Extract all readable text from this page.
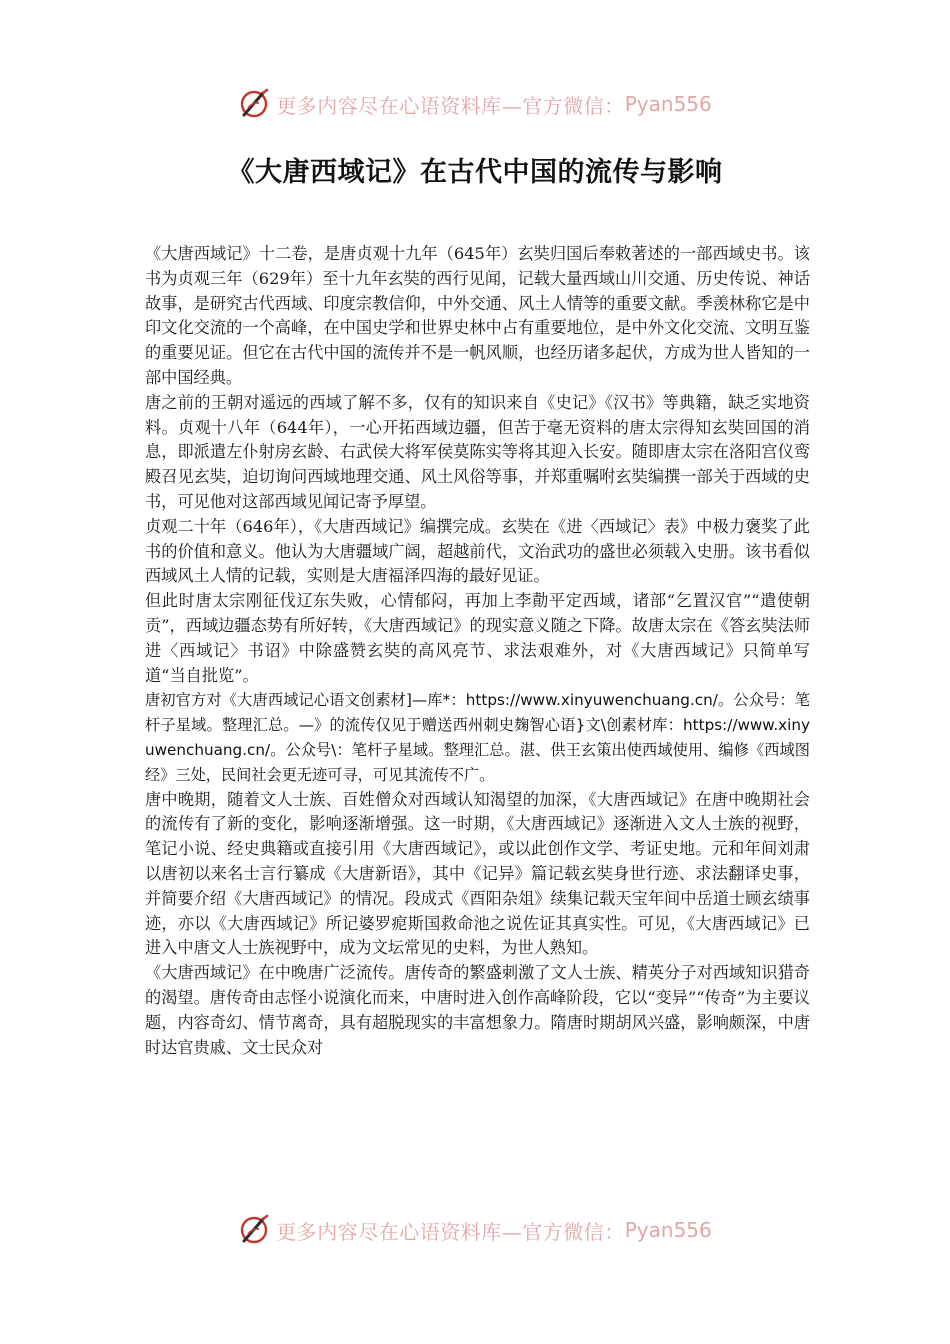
更多内容尽在心语资料库—官方微信： Pyan556
《大唐西域记》在古代中国的流传与影响

《大唐西域记》十二卷，是唐贞观十九年（645年）玄奘归国后奉敕著述的一部西域史书。该书为贞观三年（629年）至十九年玄奘的西行见闻，记载大量西域山川交通、历史传说、神话故事，是研究古代西域、印度宗教信仰，中外交通、风土人情等的重要文献。季羡林称它是中印文化交流的一个高峰，在中国史学和世界史林中占有重要地位，是中外文化交流、文明互鉴的重要见证。但它在古代中国的流传并不是一帆风顺，也经历诸多起伏，方成为世人皆知的一部中国经典。

唐之前的王朝对遥远的西域了解不多，仅有的知识来自《史记》《汉书》等典籍，缺乏实地资料。贞观十八年（644年），一心开拓西域边疆，但苦于毫无资料的唐太宗得知玄奘回国的消息，即派遣左仆射房玄龄、右武侯大将军侯莫陈实等将其迎入长安。随即唐太宗在洛阳宫仪鸾殿召见玄奘，迫切询问西域地理交通、风土风俗等事，并郑重嘱咐玄奘编撰一部关于西域的史书，可见他对这部西域见闻记寄予厚望。

贞观二十年（646年），《大唐西域记》编撰完成。玄奘在《进〈西域记〉表》中极力褒奖了此书的价值和意义。他认为大唐疆域广阔，超越前代，文治武功的盛世必须载入史册。该书看似西域风土人情的记载，实则是大唐福泽四海的最好见证。

但此时唐太宗刚征伐辽东失败，心情郁闷，再加上李勣平定西域，诸部“乞置汉官”“遣使朝贡”，西域边疆态势有所好转，《大唐西域记》的现实意义随之下降。故唐太宗在《答玄奘法师进〈西域记〉书诏》中除盛赞玄奘的高风亮节、求法艰难外，对《大唐西域记》只简单写道“当自批览”。

唐初官方对《大唐西域记心语文创素材]—库*：https://www.xinyuwenchuang.cn/。公众号：笔杆子星域。整理汇总。—》的流传仅见于赠送西州刺史麹智心语}文\创素材库：https://www.xinyuwenchuang.cn/。公众号\：笔杆子星域。整理汇总。湛、供王玄策出使西域使用、编修《西域图经》三处，民间社会更无迹可寻，可见其流传不广。

唐中晚期，随着文人士族、百姓僧众对西域认知渴望的加深，《大唐西域记》在唐中晚期社会的流传有了新的变化，影响逐渐增强。这一时期，《大唐西域记》逐渐进入文人士族的视野，笔记小说、经史典籍或直接引用《大唐西域记》，或以此创作文学、考证史地。元和年间刘肃以唐初以来名士言行纂成《大唐新语》，其中《记异》篇记载玄奘身世行迹、求法翻译史事，并简要介绍《大唐西域记》的情况。段成式《酉阳杂俎》续集记载天宝年间中岳道士顾玄绩事迹，亦以《大唐西域记》所记婆罗痆斯国救命池之说佐证其真实性。可见，《大唐西域记》已进入中唐文人士族视野中，成为文坛常见的史料，为世人熟知。

《大唐西域记》在中晚唐广泛流传。唐传奇的繁盛刺激了文人士族、精英分子对西域知识猎奇的渴望。唐传奇由志怪小说演化而来，中唐时进入创作高峰阶段，它以“变异”“传奇”为主要议题，内容奇幻、情节离奇，具有超脱现实的丰富想象力。隋唐时期胡风兴盛，影响颇深，中唐时达官贵戚、文士民众对

更多内容尽在心语资料库—官方微信： Pyan556
